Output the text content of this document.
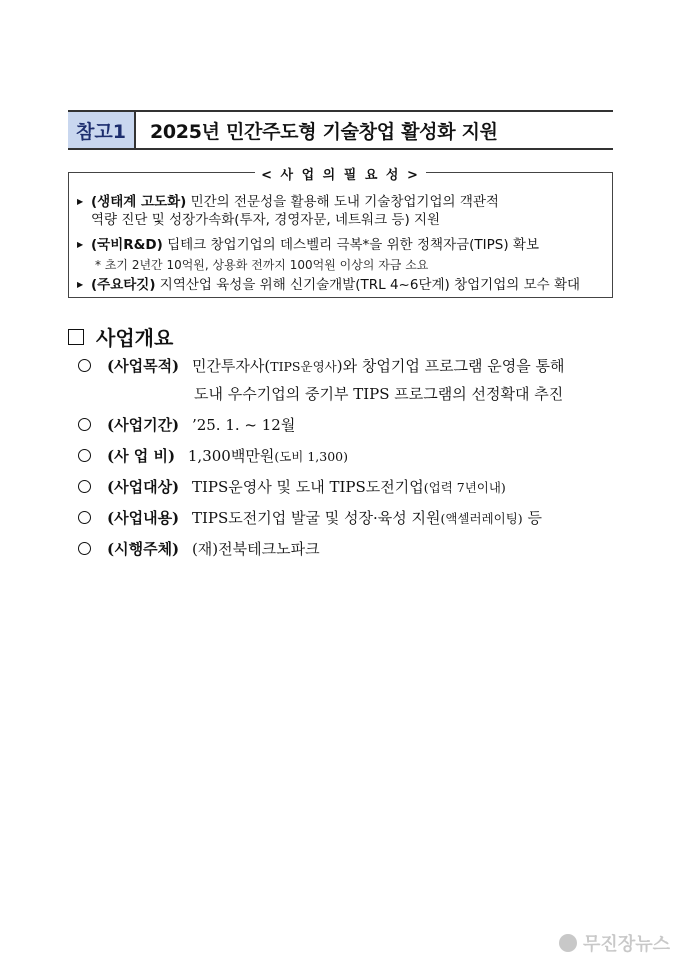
참고1	2025년 민간주도형 기술창업 활성화 지원
< 사 업 의 필 요 성 >
▶ (생태계 고도화) 민간의 전문성을 활용해 도내 기술창업기업의 객관적
역량 진단 및 성장가속화(투자, 경영자문, 네트워크 등) 지원
▶ (국비R&D) 딥테크 창업기업의 데스벨리 극복*을 위한 정책자금(TIPS) 확보
* 초기 2년간 10억원, 상용화 전까지 100억원 이상의 자금 소요
▶ (주요타깃) 지역산업 육성을 위해 신기술개발(TRL 4~6단계) 창업기업의 모수 확대
사업개요
(사업목적) 민간투자사(TIPS운영사)와 창업기업 프로그램 운영을 통해
도내 우수기업의 중기부 TIPS 프로그램의 선정확대 추진
(사업기간) ’25. 1. ~ 12월
(사 업 비) 1,300백만원(도비 1,300)
(사업대상) TIPS운영사 및 도내 TIPS도전기업(업력 7년이내)
(사업내용) TIPS도전기업 발굴 및 성장·육성 지원(액셀러레이팅) 등
(시행주체) (재)전북테크노파크
무진장뉴스
